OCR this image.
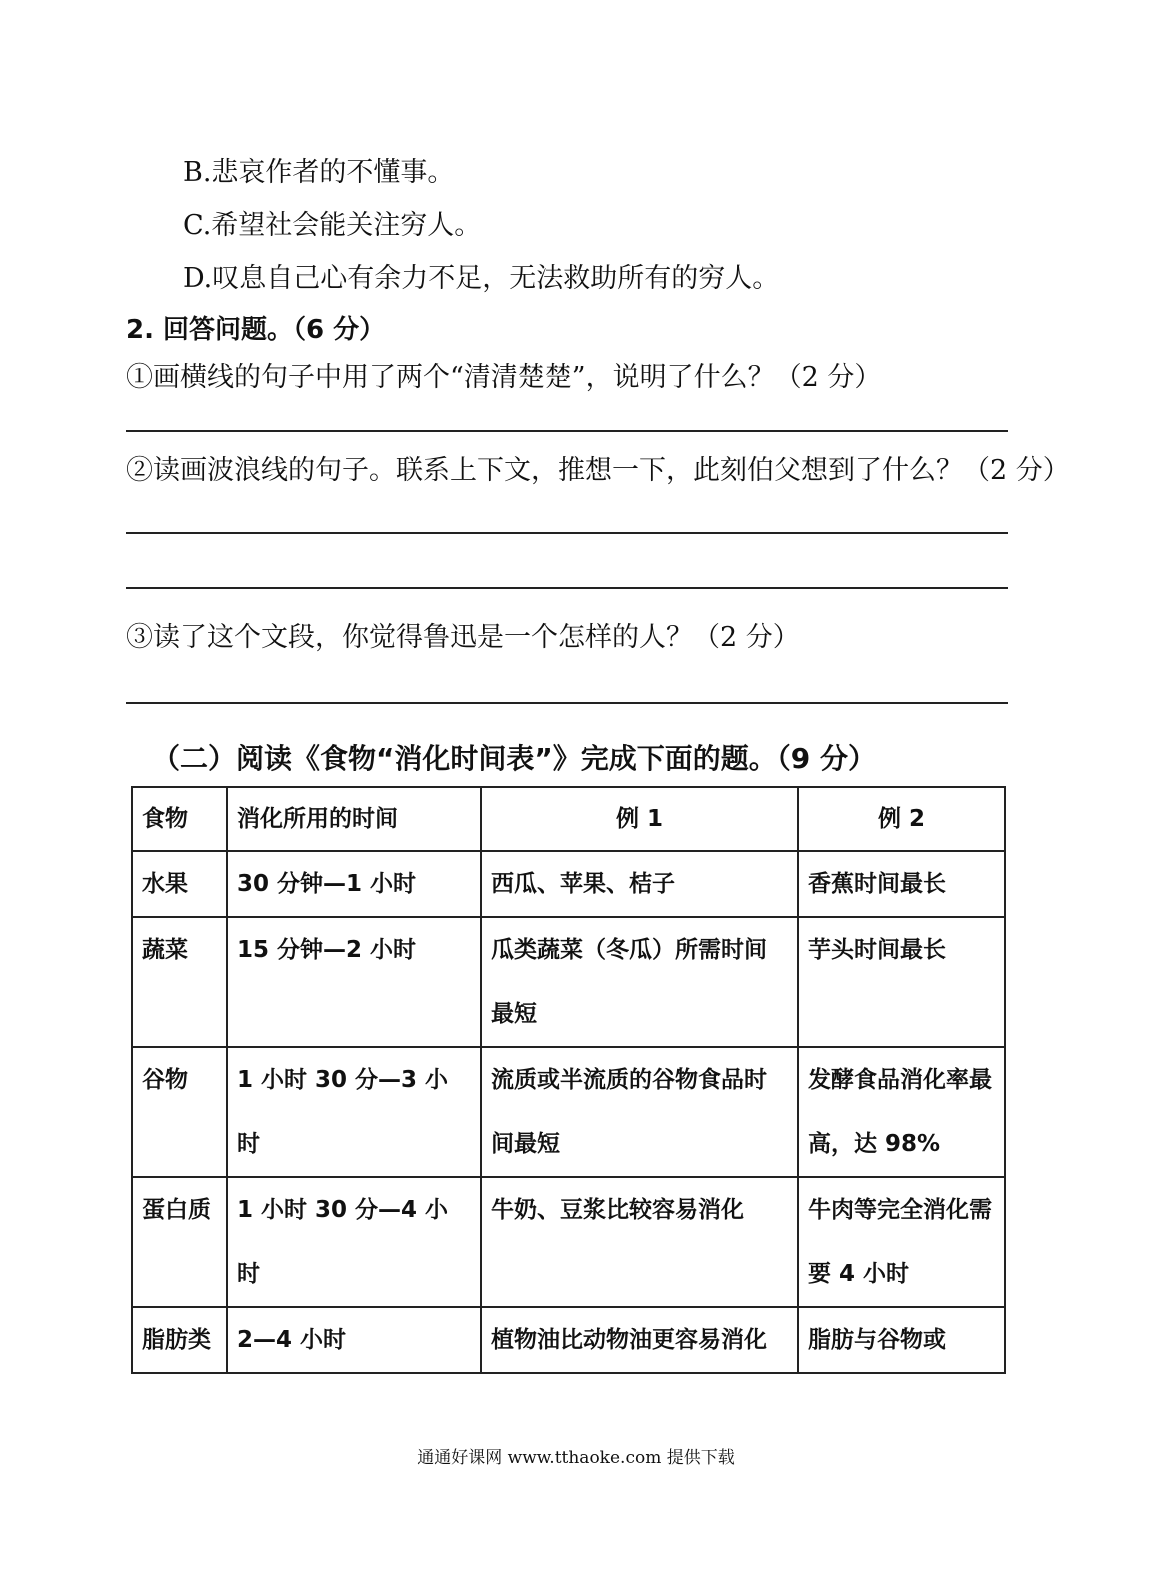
B.悲哀作者的不懂事。
C.希望社会能关注穷人。
D.叹息自己心有余力不足，无法救助所有的穷人。
2. 回答问题。（6 分）
①画横线的句子中用了两个“清清楚楚”，说明了什么？（2 分）
②读画波浪线的句子。联系上下文，推想一下，此刻伯父想到了什么？（2 分）
③读了这个文段，你觉得鲁迅是一个怎样的人？（2 分）
（二）阅读《食物“消化时间表”》完成下面的题。（9 分）
食物	消化所用的时间	例 1	例 2
水果	30 分钟—1 小时	西瓜、苹果、桔子	香蕉时间最长
蔬菜	15 分钟—2 小时	瓜类蔬菜（冬瓜）所需时间最短	芋头时间最长
谷物	1 小时 30 分—3 小时	流质或半流质的谷物食品时间最短	发酵食品消化率最高，达 98%
蛋白质	1 小时 30 分—4 小时	牛奶、豆浆比较容易消化	牛肉等完全消化需要 4 小时
脂肪类	2—4 小时	植物油比动物油更容易消化	脂肪与谷物或
通通好课网 www.tthaoke.com 提供下载
